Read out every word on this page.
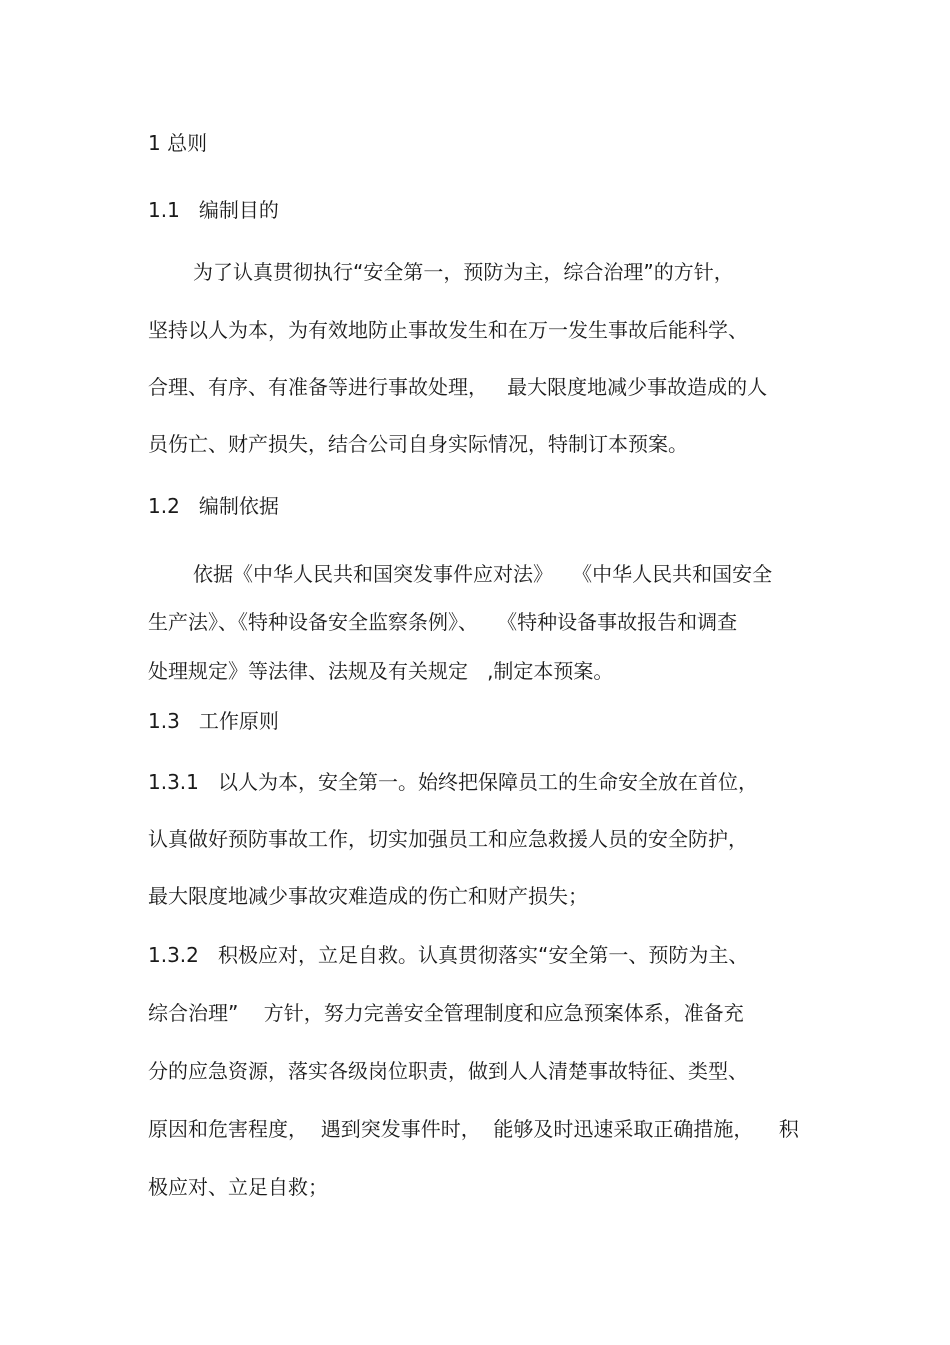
1 总则
1.1   编制目的

为了认真贯彻执行“安全第一，预防为主，综合治理”的方针，

坚持以人为本，为有效地防止事故发生和在万一发生事故后能科学、

合理、有序、有准备等进行事故处理，   最大限度地减少事故造成的人

员伤亡、财产损失，结合公司自身实际情况，特制订本预案。

1.2   编制依据

依据《中华人民共和国突发事件应对法》   《中华人民共和国安全

生产法》、《特种设备安全监察条例》、   《特种设备事故报告和调查

处理规定》等法律、法规及有关规定   ,制定本预案。

1.3   工作原则

1.3.1   以人为本，安全第一。始终把保障员工的生命安全放在首位，

认真做好预防事故工作，切实加强员工和应急救援人员的安全防护，

最大限度地减少事故灾难造成的伤亡和财产损失；

1.3.2   积极应对，立足自救。认真贯彻落实“安全第一、预防为主、

综合治理”    方针，努力完善安全管理制度和应急预案体系，准备充

分的应急资源，落实各级岗位职责，做到人人清楚事故特征、类型、

原因和危害程度，  遇到突发事件时，  能够及时迅速采取正确措施，    积

极应对、立足自救；
